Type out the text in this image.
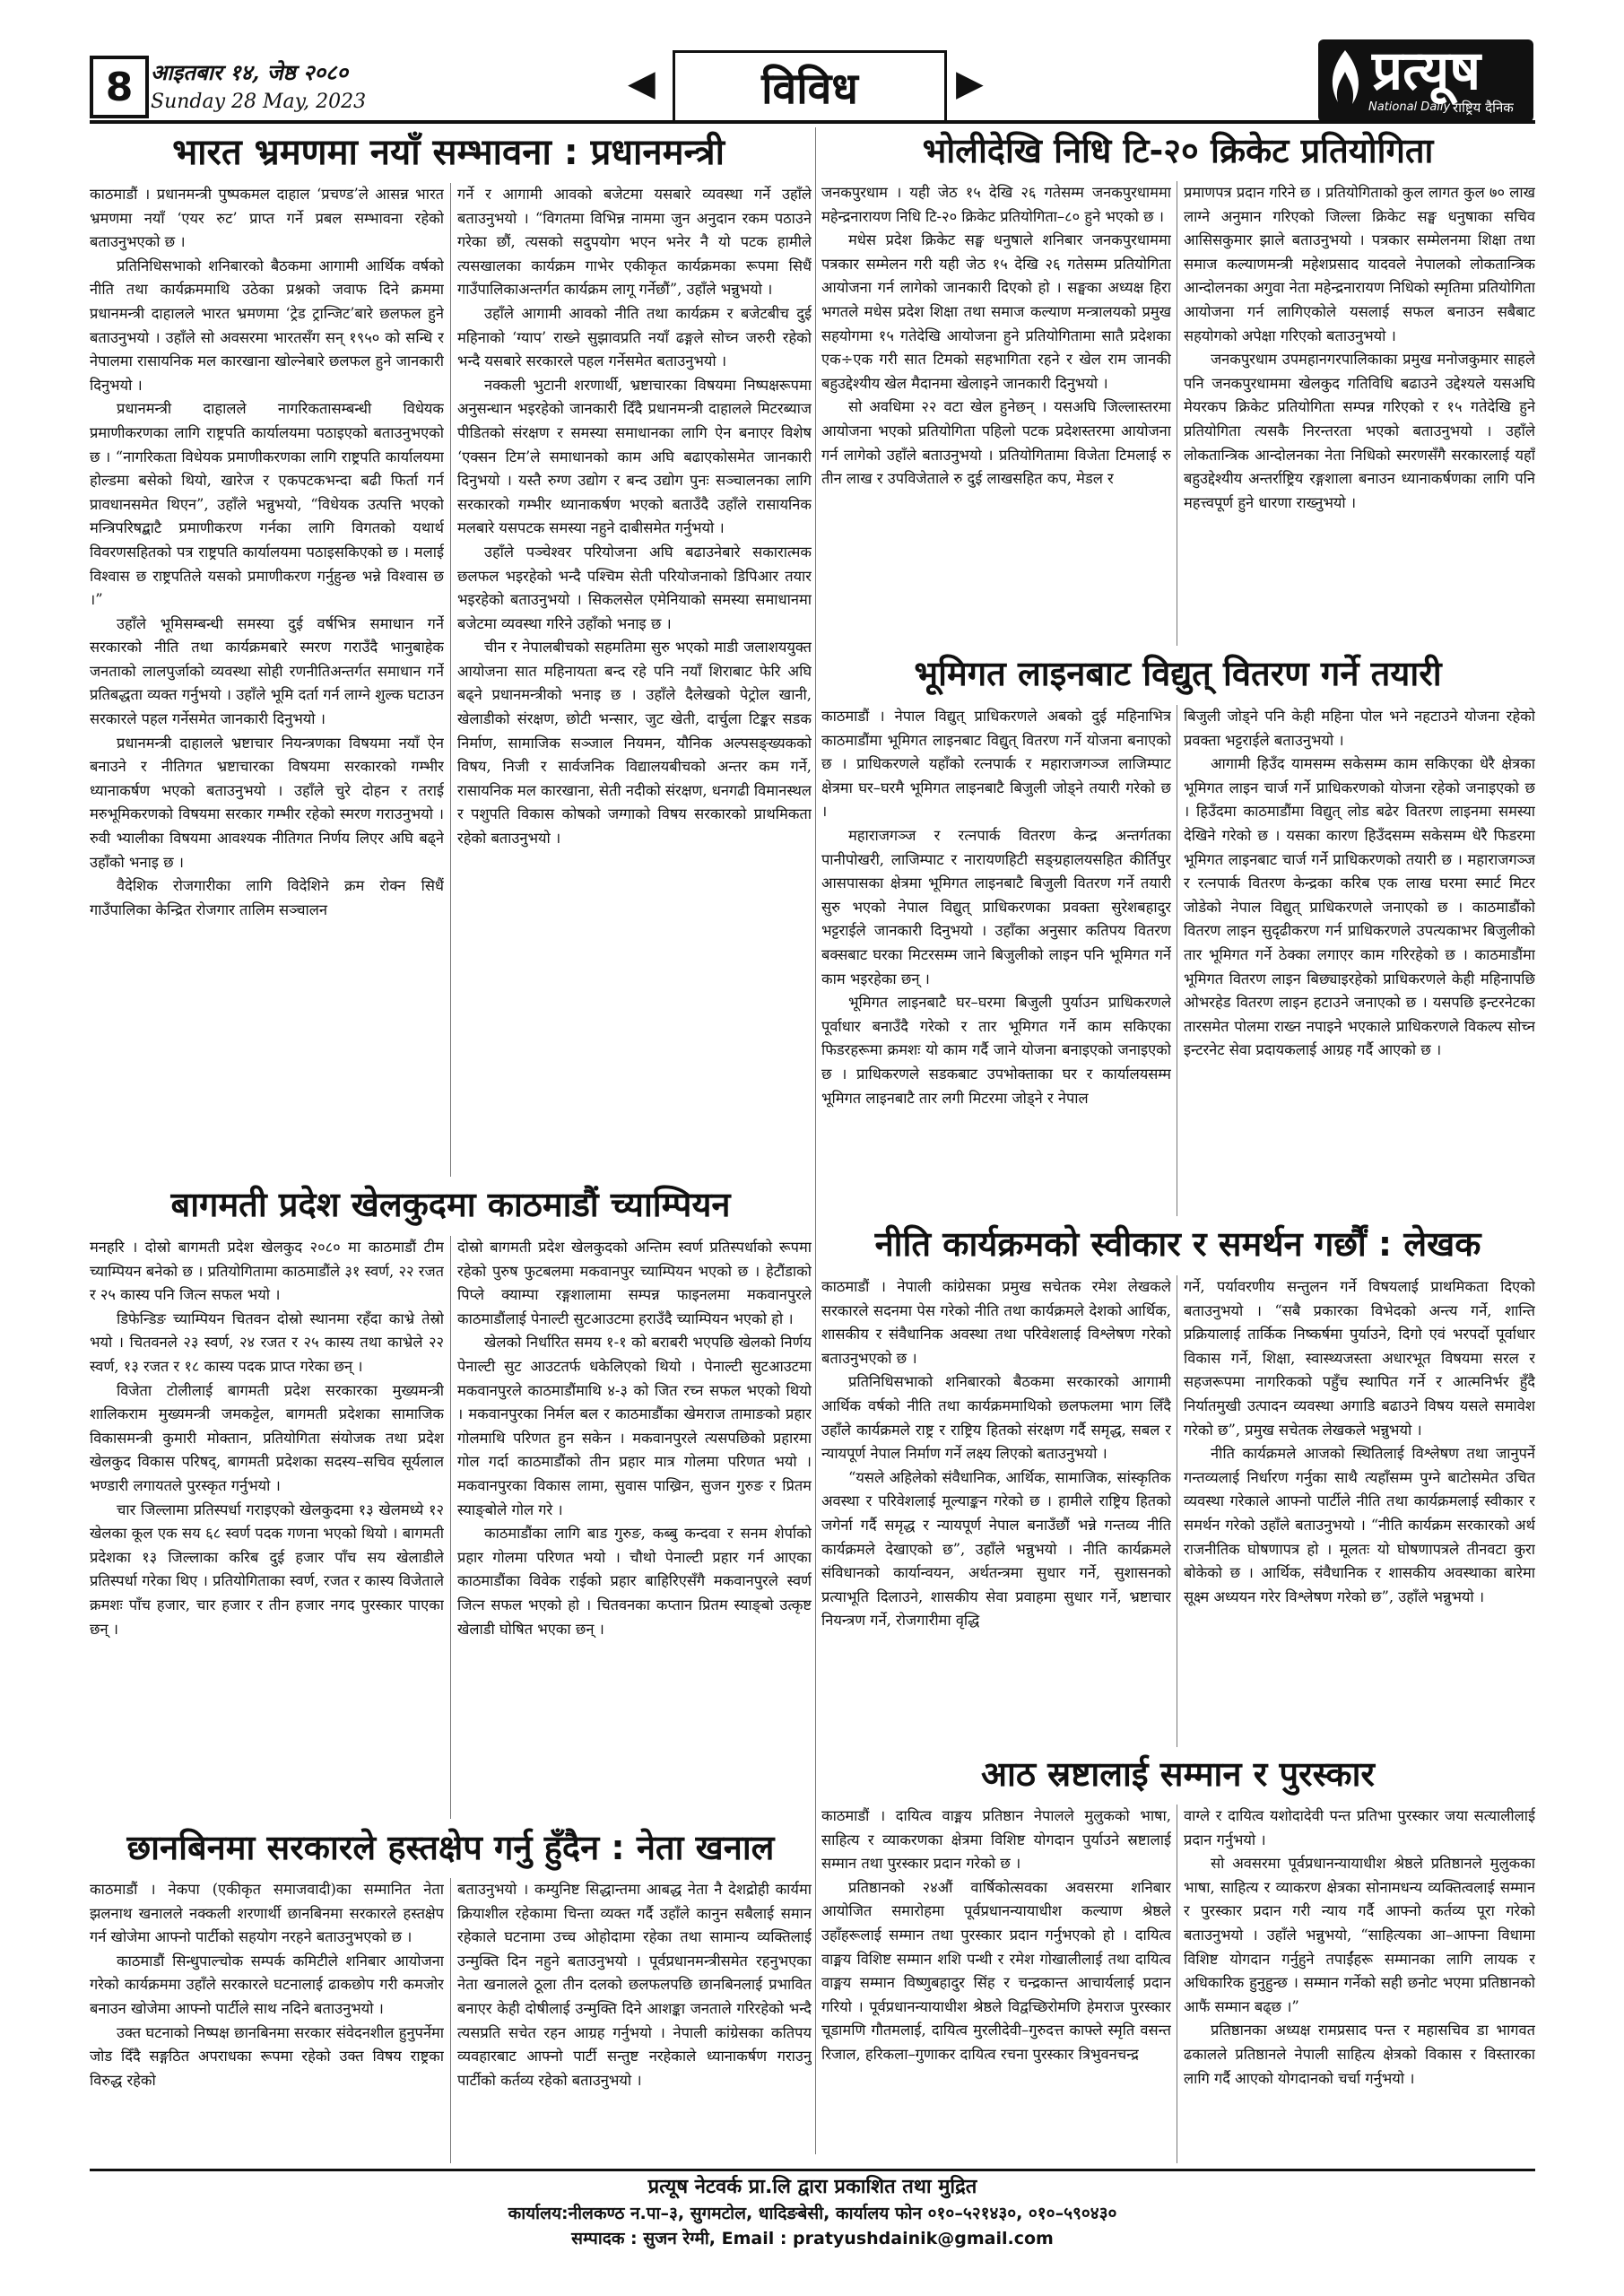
8 आइतबार १४, जेष्ठ २०८०
Sunday 28 May, 2023	◀	विविध	▶	प्रत्यूष
National Daily राष्ट्रिय दैनिक
भारत भ्रमणमा नयाँ सम्भावना : प्रधानमन्त्री

काठमाडौं । प्रधानमन्त्री पुष्पकमल दाहाल ‘प्रचण्ड’ले आसन्न भारत भ्रमणमा नयाँ ‘एयर रुट’ प्राप्त गर्ने प्रबल सम्भावना रहेको बताउनुभएको छ ।

प्रतिनिधिसभाको शनिबारको बैठकमा आगामी आर्थिक वर्षको नीति तथा कार्यक्रममाथि उठेका प्रश्नको जवाफ दिने क्रममा प्रधानमन्त्री दाहालले भारत भ्रमणमा ‘ट्रेड ट्रान्जिट’बारे छलफल हुने बताउनुभयो । उहाँले सो अवसरमा भारतसँग सन् १९५० को सन्धि र नेपालमा रासायनिक मल कारखाना खोल्नेबारे छलफल हुने जानकारी दिनुभयो ।

प्रधानमन्त्री दाहालले नागरिकतासम्बन्धी विधेयक प्रमाणीकरणका लागि राष्ट्रपति कार्यालयमा पठाइएको बताउनुभएको छ । “नागरिकता विधेयक प्रमाणीकरणका लागि राष्ट्रपति कार्यालयमा होल्डमा बसेको थियो, खारेज र एकपटकभन्दा बढी फिर्ता गर्न प्रावधानसमेत थिएन”, उहाँले भन्नुभयो, “विधेयक उत्पत्ति भएको मन्त्रिपरिषद्बाटै प्रमाणीकरण गर्नका लागि विगतको यथार्थ विवरणसहितको पत्र राष्ट्रपति कार्यालयमा पठाइसकिएको छ । मलाई विश्वास छ राष्ट्रपतिले यसको प्रमाणीकरण गर्नुहुन्छ भन्ने विश्वास छ ।”

उहाँले भूमिसम्बन्धी समस्या दुई वर्षभित्र समाधान गर्ने सरकारको नीति तथा कार्यक्रमबारे स्मरण गराउँदै भानुबाहेक जनताको लालपुर्जाको व्यवस्था सोही रणनीतिअन्तर्गत समाधान गर्ने प्रतिबद्धता व्यक्त गर्नुभयो । उहाँले भूमि दर्ता गर्न लाग्ने शुल्क घटाउन सरकारले पहल गर्नेसमेत जानकारी दिनुभयो ।

प्रधानमन्त्री दाहालले भ्रष्टाचार नियन्त्रणका विषयमा नयाँ ऐन बनाउने र नीतिगत भ्रष्टाचारका विषयमा सरकारको गम्भीर ध्यानाकर्षण भएको बताउनुभयो । उहाँले चुरे दोहन र तराई मरुभूमिकरणको विषयमा सरकार गम्भीर रहेको स्मरण गराउनुभयो । रुवी भ्यालीका विषयमा आवश्यक नीतिगत निर्णय लिएर अघि बढ्ने उहाँको भनाइ छ ।

वैदेशिक रोजगारीका लागि विदेशिने क्रम रोक्न सिधैं गाउँपालिका केन्द्रित रोजगार तालिम सञ्चालन

गर्ने र आगामी आवको बजेटमा यसबारे व्यवस्था गर्ने उहाँले बताउनुभयो । “विगतमा विभिन्न नाममा जुन अनुदान रकम पठाउने गरेका छौं, त्यसको सदुपयोग भएन भनेर नै यो पटक हामीले त्यसखालका कार्यक्रम गाभेर एकीकृत कार्यक्रमका रूपमा सिधैं गाउँपालिकाअन्तर्गत कार्यक्रम लागू गर्नेछौं”, उहाँले भन्नुभयो ।

उहाँले आगामी आवको नीति तथा कार्यक्रम र बजेटबीच दुई महिनाको ‘ग्याप’ राख्ने सुझावप्रति नयाँ ढङ्गले सोच्न जरुरी रहेको भन्दै यसबारे सरकारले पहल गर्नेसमेत बताउनुभयो ।

नक्कली भुटानी शरणार्थी, भ्रष्टाचारका विषयमा निष्पक्षरूपमा अनुसन्धान भइरहेको जानकारी दिँदै प्रधानमन्त्री दाहालले मिटरब्याज पीडितको संरक्षण र समस्या समाधानका लागि ऐन बनाएर विशेष ‘एक्सन टिम’ले समाधानको काम अघि बढाएकोसमेत जानकारी दिनुभयो । यस्तै रुग्ण उद्योग र बन्द उद्योग पुनः सञ्चालनका लागि सरकारको गम्भीर ध्यानाकर्षण भएको बताउँदै उहाँले रासायनिक मलबारे यसपटक समस्या नहुने दाबीसमेत गर्नुभयो ।

उहाँले पञ्चेश्वर परियोजना अघि बढाउनेबारे सकारात्मक छलफल भइरहेको भन्दै पश्चिम सेती परियोजनाको डिपिआर तयार भइरहेको बताउनुभयो । सिकलसेल एमेनियाको समस्या समाधानमा बजेटमा व्यवस्था गरिने उहाँको भनाइ छ ।

चीन र नेपालबीचको सहमतिमा सुरु भएको माडी जलाशययुक्त आयोजना सात महिनायता बन्द रहे पनि नयाँ शिराबाट फेरि अघि बढ्ने प्रधानमन्त्रीको भनाइ छ । उहाँले दैलेखको पेट्रोल खानी, खेलाडीको संरक्षण, छोटी भन्सार, जुट खेती, दार्चुला टिङ्कर सडक निर्माण, सामाजिक सञ्जाल नियमन, यौनिक अल्पसङ्ख्यकको विषय, निजी र सार्वजनिक विद्यालयबीचको अन्तर कम गर्ने, रासायनिक मल कारखाना, सेती नदीको संरक्षण, धनगढी विमानस्थल र पशुपति विकास कोषको जग्गाको विषय सरकारको प्राथमिकता रहेको बताउनुभयो ।

भोलीदेखि निधि टि-२० क्रिकेट प्रतियोगिता

जनकपुरधाम । यही जेठ १५ देखि २६ गतेसम्म जनकपुरधाममा महेन्द्रनारायण निधि टि-२० क्रिकेट प्रतियोगिता–८० हुने भएको छ ।

मधेस प्रदेश क्रिकेट सङ्घ धनुषाले शनिबार जनकपुरधाममा पत्रकार सम्मेलन गरी यही जेठ १५ देखि २६ गतेसम्म प्रतियोगिता आयोजना गर्न लागेको जानकारी दिएको हो । सङ्घका अध्यक्ष हिरा भगतले मधेस प्रदेश शिक्षा तथा समाज कल्याण मन्त्रालयको प्रमुख सहयोगमा १५ गतेदेखि आयोजना हुने प्रतियोगितामा सातै प्रदेशका एक÷एक गरी सात टिमको सहभागिता रहने र खेल राम जानकी बहुउद्देश्यीय खेल मैदानमा खेलाइने जानकारी दिनुभयो ।

सो अवधिमा २२ वटा खेल हुनेछन् । यसअघि जिल्लास्तरमा आयोजना भएको प्रतियोगिता पहिलो पटक प्रदेशस्तरमा आयोजना गर्न लागेको उहाँले बताउनुभयो । प्रतियोगितामा विजेता टिमलाई रु तीन लाख र उपविजेताले रु दुई लाखसहित कप, मेडल र

प्रमाणपत्र प्रदान गरिने छ । प्रतियोगिताको कुल लागत कुल ७० लाख लाग्ने अनुमान गरिएको जिल्ला क्रिकेट सङ्घ धनुषाका सचिव आसिसकुमार झाले बताउनुभयो । पत्रकार सम्मेलनमा शिक्षा तथा समाज कल्याणमन्त्री महेशप्रसाद यादवले नेपालको लोकतान्त्रिक आन्दोलनका अगुवा नेता महेन्द्रनारायण निधिको स्मृतिमा प्रतियोगिता आयोजना गर्न लागिएकोले यसलाई सफल बनाउन सबैबाट सहयोगको अपेक्षा गरिएको बताउनुभयो ।

जनकपुरधाम उपमहानगरपालिकाका प्रमुख मनोजकुमार साहले पनि जनकपुरधाममा खेलकुद गतिविधि बढाउने उद्देश्यले यसअघि मेयरकप क्रिकेट प्रतियोगिता सम्पन्न गरिएको र १५ गतेदेखि हुने प्रतियोगिता त्यसकै निरन्तरता भएको बताउनुभयो । उहाँले लोकतान्त्रिक आन्दोलनका नेता निधिको स्मरणसँगै सरकारलाई यहाँ बहुउद्देश्यीय अन्तर्राष्ट्रिय रङ्गशाला बनाउन ध्यानाकर्षणका लागि पनि महत्त्वपूर्ण हुने धारणा राख्नुभयो ।

भूमिगत लाइनबाट विद्युत् वितरण गर्ने तयारी

काठमाडौं । नेपाल विद्युत् प्राधिकरणले अबको दुई महिनाभित्र काठमाडौंमा भूमिगत लाइनबाट विद्युत् वितरण गर्ने योजना बनाएको छ । प्राधिकरणले यहाँको रत्नपार्क र महाराजगञ्ज लाजिम्पाट क्षेत्रमा घर–घरमै भूमिगत लाइनबाटै बिजुली जोड्ने तयारी गरेको छ ।

महाराजगञ्ज र रत्नपार्क वितरण केन्द्र अन्तर्गतका पानीपोखरी, लाजिम्पाट र नारायणहिटी सङ्ग्रहालयसहित कीर्तिपुर आसपासका क्षेत्रमा भूमिगत लाइनबाटै बिजुली वितरण गर्ने तयारी सुरु भएको नेपाल विद्युत् प्राधिकरणका प्रवक्ता सुरेशबहादुर भट्टराईले जानकारी दिनुभयो । उहाँका अनुसार कतिपय वितरण बक्सबाट घरका मिटरसम्म जाने बिजुलीको लाइन पनि भूमिगत गर्ने काम भइरहेका छन् ।

भूमिगत लाइनबाटै घर–घरमा बिजुली पुर्याउन प्राधिकरणले पूर्वाधार बनाउँदै गरेको र तार भूमिगत गर्ने काम सकिएका फिडरहरूमा क्रमशः यो काम गर्दै जाने योजना बनाइएको जनाइएको छ । प्राधिकरणले सडकबाट उपभोक्ताका घर र कार्यालयसम्म भूमिगत लाइनबाटै तार लगी मिटरमा जोड्ने र नेपाल

बिजुली जोड्ने पनि केही महिना पोल भने नहटाउने योजना रहेको प्रवक्ता भट्टराईले बताउनुभयो ।

आगामी हिउँद यामसम्म सकेसम्म काम सकिएका धेरै क्षेत्रका भूमिगत लाइन चार्ज गर्ने प्राधिकरणको योजना रहेको जनाइएको छ । हिउँदमा काठमाडौंमा विद्युत् लोड बढेर वितरण लाइनमा समस्या देखिने गरेको छ । यसका कारण हिउँदसम्म सकेसम्म धेरै फिडरमा भूमिगत लाइनबाट चार्ज गर्ने प्राधिकरणको तयारी छ । महाराजगञ्ज र रत्नपार्क वितरण केन्द्रका करिब एक लाख घरमा स्मार्ट मिटर जोडेको नेपाल विद्युत् प्राधिकरणले जनाएको छ । काठमाडौंको वितरण लाइन सुदृढीकरण गर्न प्राधिकरणले उपत्यकाभर बिजुलीको तार भूमिगत गर्ने ठेक्का लगाएर काम गरिरहेको छ । काठमाडौंमा भूमिगत वितरण लाइन बिछ्याइरहेको प्राधिकरणले केही महिनापछि ओभरहेड वितरण लाइन हटाउने जनाएको छ । यसपछि इन्टरनेटका तारसमेत पोलमा राख्न नपाइने भएकाले प्राधिकरणले विकल्प सोच्न इन्टरनेट सेवा प्रदायकलाई आग्रह गर्दै आएको छ ।

बागमती प्रदेश खेलकुदमा काठमाडौं च्याम्पियन

मनहरि । दोस्रो बागमती प्रदेश खेलकुद २०८० मा काठमाडौं टीम च्याम्पियन बनेको छ । प्रतियोगितामा काठमाडौंले ३१ स्वर्ण, २२ रजत र २५ कास्य पनि जित्न सफल भयो ।

डिफेन्डिङ च्याम्पियन चितवन दोस्रो स्थानमा रहँदा काभ्रे तेस्रो भयो । चितवनले २३ स्वर्ण, २४ रजत र २५ कास्य तथा काभ्रेले २२ स्वर्ण, १३ रजत र १८ कास्य पदक प्राप्त गरेका छन् ।

विजेता टोलीलाई बागमती प्रदेश सरकारका मुख्यमन्त्री शालिकराम मुख्यमन्त्री जमकट्टेल, बागमती प्रदेशका सामाजिक विकासमन्त्री कुमारी मोक्तान, प्रतियोगिता संयोजक तथा प्रदेश खेलकुद विकास परिषद्, बागमती प्रदेशका सदस्य–सचिव सूर्यलाल भण्डारी लगायतले पुरस्कृत गर्नुभयो ।

चार जिल्लामा प्रतिस्पर्धा गराइएको खेलकुदमा १३ खेलमध्ये १२ खेलका कूल एक सय ६८ स्वर्ण पदक गणना भएको थियो । बागमती प्रदेशका १३ जिल्लाका करिब दुई हजार पाँच सय खेलाडीले प्रतिस्पर्धा गरेका थिए । प्रतियोगिताका स्वर्ण, रजत र कास्य विजेताले क्रमशः पाँच हजार, चार हजार र तीन हजार नगद पुरस्कार पाएका छन् ।

दोस्रो बागमती प्रदेश खेलकुदको अन्तिम स्वर्ण प्रतिस्पर्धाको रूपमा रहेको पुरुष फुटबलमा मकवानपुर च्याम्पियन भएको छ । हेटौंडाको पिप्ले क्याम्पा रङ्गशालामा सम्पन्न फाइनलमा मकवानपुरले काठमाडौंलाई पेनाल्टी सुटआउटमा हराउँदै च्याम्पियन भएको हो ।

खेलको निर्धारित समय १-१ को बराबरी भएपछि खेलको निर्णय पेनाल्टी सुट आउटतर्फ धकेलिएको थियो । पेनाल्टी सुटआउटमा मकवानपुरले काठमाडौंमाथि ४-३ को जित रच्न सफल भएको थियो । मकवानपुरका निर्मल बल र काठमाडौंका खेमराज तामाङको प्रहार गोलमाथि परिणत हुन सकेन । मकवानपुरले त्यसपछिको प्रहारमा गोल गर्दा काठमाडौंको तीन प्रहार मात्र गोलमा परिणत भयो । मकवानपुरका विकास लामा, सुवास पाख्रिन, सुजन गुरुङ र प्रितम स्याङ्बोले गोल गरे ।

काठमाडौंका लागि बाड गुरुङ, कब्बु कन्दवा र सनम शेर्पाको प्रहार गोलमा परिणत भयो । चौथो पेनाल्टी प्रहार गर्न आएका काठमाडौंका विवेक राईको प्रहार बाहिरिएसँगै मकवानपुरले स्वर्ण जित्न सफल भएको हो । चितवनका कप्तान प्रितम स्याङ्बो उत्कृष्ट खेलाडी घोषित भएका छन् ।

नीति कार्यक्रमको स्वीकार र समर्थन गर्छौं : लेखक

काठमाडौं । नेपाली कांग्रेसका प्रमुख सचेतक रमेश लेखकले सरकारले सदनमा पेस गरेको नीति तथा कार्यक्रमले देशको आर्थिक, शासकीय र संवैधानिक अवस्था तथा परिवेशलाई विश्लेषण गरेको बताउनुभएको छ ।

प्रतिनिधिसभाको शनिबारको बैठकमा सरकारको आगामी आर्थिक वर्षको नीति तथा कार्यक्रममाथिको छलफलमा भाग लिँदै उहाँले कार्यक्रमले राष्ट्र र राष्ट्रिय हितको संरक्षण गर्दै समृद्ध, सबल र न्यायपूर्ण नेपाल निर्माण गर्ने लक्ष्य लिएको बताउनुभयो ।

“यसले अहिलेको संवैधानिक, आर्थिक, सामाजिक, सांस्कृतिक अवस्था र परिवेशलाई मूल्याङ्कन गरेको छ । हामीले राष्ट्रिय हितको जगेर्ना गर्दै समृद्ध र न्यायपूर्ण नेपाल बनाउँछौं भन्ने गन्तव्य नीति कार्यक्रमले देखाएको छ”, उहाँले भन्नुभयो । नीति कार्यक्रमले संविधानको कार्यान्वयन, अर्थतन्त्रमा सुधार गर्ने, सुशासनको प्रत्याभूति दिलाउने, शासकीय सेवा प्रवाहमा सुधार गर्ने, भ्रष्टाचार नियन्त्रण गर्ने, रोजगारीमा वृद्धि

गर्ने, पर्यावरणीय सन्तुलन गर्ने विषयलाई प्राथमिकता दिएको बताउनुभयो । “सबै प्रकारका विभेदको अन्त्य गर्ने, शान्ति प्रक्रियालाई तार्किक निष्कर्षमा पुर्याउने, दिगो एवं भरपर्दो पूर्वाधार विकास गर्ने, शिक्षा, स्वास्थ्यजस्ता अधारभूत विषयमा सरल र सहजरूपमा नागरिकको पहुँच स्थापित गर्ने र आत्मनिर्भर हुँदै निर्यातमुखी उत्पादन व्यवस्था अगाडि बढाउने विषय यसले समावेश गरेको छ”, प्रमुख सचेतक लेखकले भन्नुभयो ।

नीति कार्यक्रमले आजको स्थितिलाई विश्लेषण तथा जानुपर्ने गन्तव्यलाई निर्धारण गर्नुका साथै त्यहाँसम्म पुग्ने बाटोसमेत उचित व्यवस्था गरेकाले आफ्नो पार्टीले नीति तथा कार्यक्रमलाई स्वीकार र समर्थन गरेको उहाँले बताउनुभयो । “नीति कार्यक्रम सरकारको अर्थ राजनीतिक घोषणापत्र हो । मूलतः यो घोषणापत्रले तीनवटा कुरा बोकेको छ । आर्थिक, संवैधानिक र शासकीय अवस्थाका बारेमा सूक्ष्म अध्ययन गरेर विश्लेषण गरेको छ”, उहाँले भन्नुभयो ।

छानबिनमा सरकारले हस्तक्षेप गर्नु हुँदैन : नेता खनाल

काठमाडौं । नेकपा (एकीकृत समाजवादी)का सम्मानित नेता झलनाथ खनालले नक्कली शरणार्थी छानबिनमा सरकारले हस्तक्षेप गर्न खोजेमा आफ्नो पार्टीको सहयोग नरहने बताउनुभएको छ ।

काठमाडौं सिन्धुपाल्चोक सम्पर्क कमिटीले शनिबार आयोजना गरेको कार्यक्रममा उहाँले सरकारले घटनालाई ढाकछोप गरी कमजोर बनाउन खोजेमा आफ्नो पार्टीले साथ नदिने बताउनुभयो ।

उक्त घटनाको निष्पक्ष छानबिनमा सरकार संवेदनशील हुनुपर्नेमा जोड दिँदै सङ्गठित अपराधका रूपमा रहेको उक्त विषय राष्ट्रका विरुद्ध रहेको

बताउनुभयो । कम्युनिष्ट सिद्धान्तमा आबद्ध नेता नै देशद्रोही कार्यमा क्रियाशील रहेकामा चिन्ता व्यक्त गर्दै उहाँले कानुन सबैलाई समान रहेकाले घटनामा उच्च ओहोदामा रहेका तथा सामान्य व्यक्तिलाई उन्मुक्ति दिन नहुने बताउनुभयो । पूर्वप्रधानमन्त्रीसमेत रहनुभएका नेता खनालले ठूला तीन दलको छलफलपछि छानबिनलाई प्रभावित बनाएर केही दोषीलाई उन्मुक्ति दिने आशङ्का जनताले गरिरहेको भन्दै त्यसप्रति सचेत रहन आग्रह गर्नुभयो । नेपाली कांग्रेसका कतिपय व्यवहारबाट आफ्नो पार्टी सन्तुष्ट नरहेकाले ध्यानाकर्षण गराउनु पार्टीको कर्तव्य रहेको बताउनुभयो ।

आठ स्रष्टालाई सम्मान र पुरस्कार

काठमाडौं । दायित्व वाङ्मय प्रतिष्ठान नेपालले मुलुकको भाषा, साहित्य र व्याकरणका क्षेत्रमा विशिष्ट योगदान पुर्याउने स्रष्टालाई सम्मान तथा पुरस्कार प्रदान गरेको छ ।

प्रतिष्ठानको २४औं वार्षिकोत्सवका अवसरमा शनिबार आयोजित समारोहमा पूर्वप्रधानन्यायाधीश कल्याण श्रेष्ठले उहाँहरूलाई सम्मान तथा पुरस्कार प्रदान गर्नुभएको हो । दायित्व वाङ्मय विशिष्ट सम्मान शशि पन्थी र रमेश गोखालीलाई तथा दायित्व वाङ्मय सम्मान विष्णुबहादुर सिंह र चन्द्रकान्त आचार्यलाई प्रदान गरियो । पूर्वप्रधानन्यायाधीश श्रेष्ठले विद्वच्छिरोमणि हेमराज पुरस्कार चूडामणि गौतमलाई, दायित्व मुरलीदेवी–गुरुदत्त काफ्ले स्मृति वसन्त रिजाल, हरिकला–गुणाकर दायित्व रचना पुरस्कार त्रिभुवनचन्द्र

वाग्ले र दायित्व यशोदादेवी पन्त प्रतिभा पुरस्कार जया सत्यालीलाई प्रदान गर्नुभयो ।

सो अवसरमा पूर्वप्रधानन्यायाधीश श्रेष्ठले प्रतिष्ठानले मुलुकका भाषा, साहित्य र व्याकरण क्षेत्रका सोनामधन्य व्यक्तित्वलाई सम्मान र पुरस्कार प्रदान गरी न्याय गर्दै आफ्नो कर्तव्य पूरा गरेको बताउनुभयो । उहाँले भन्नुभयो, “साहित्यका आ–आफ्ना विधामा विशिष्ट योगदान गर्नुहुने तपाईंहरू सम्मानका लागि लायक र अधिकारिक हुनुहुन्छ । सम्मान गर्नेको सही छनोट भएमा प्रतिष्ठानको आफैं सम्मान बढ्छ ।”

प्रतिष्ठानका अध्यक्ष रामप्रसाद पन्त र महासचिव डा भागवत ढकालले प्रतिष्ठानले नेपाली साहित्य क्षेत्रको विकास र विस्तारका लागि गर्दै आएको योगदानको चर्चा गर्नुभयो ।

प्रत्यूष नेटवर्क प्रा.लि द्वारा प्रकाशित तथा मुद्रित
कार्यालय:नीलकण्ठ न.पा–३, सुगमटोल, धादिङबेसी, कार्यालय फोन ०१०–५२१४३०, ०१०–५९०४३०
सम्पादक : सुजन रेग्मी, Email : pratyushdainik@gmail.com
